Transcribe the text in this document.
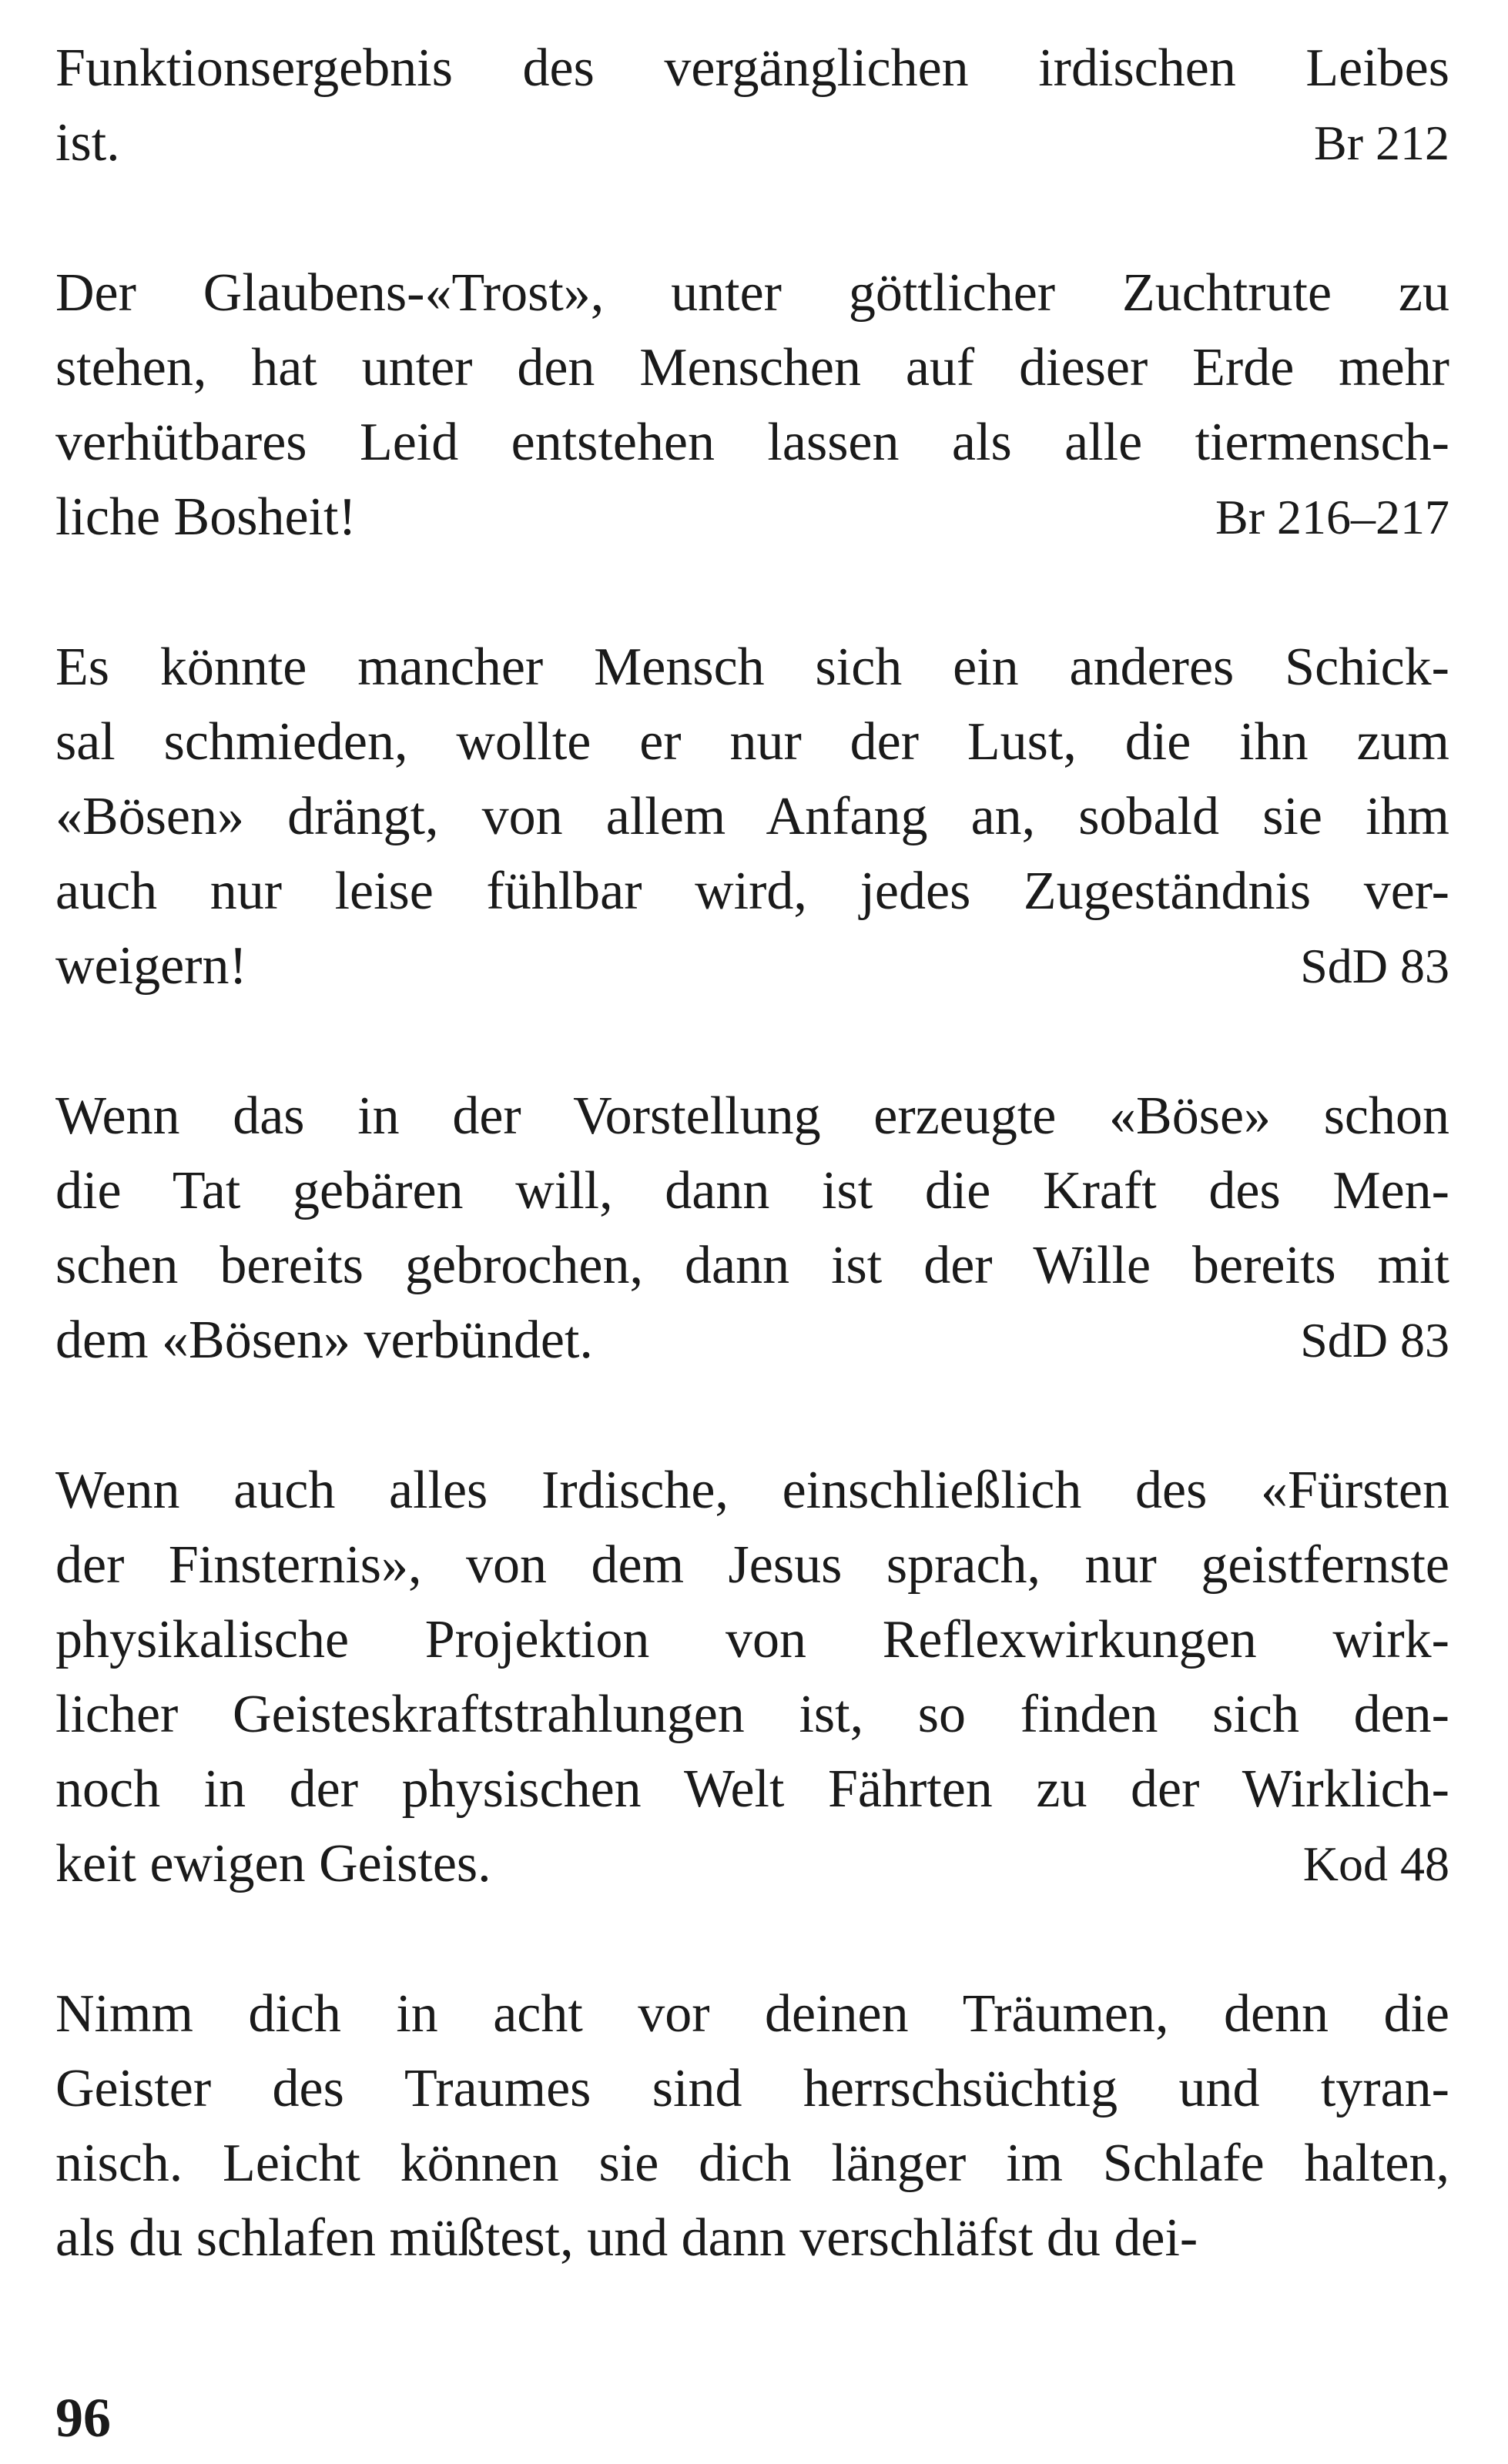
Funktionsergebnis des vergänglichen irdischen Leibes
ist.	Br 212
Der Glaubens-«Trost», unter göttlicher Zuchtrute zu
stehen, hat unter den Menschen auf dieser Erde mehr
verhütbares Leid entstehen lassen als alle tiermensch-
liche Bosheit!	Br 216–217
Es könnte mancher Mensch sich ein anderes Schick-
sal schmieden, wollte er nur der Lust, die ihn zum
«Bösen» drängt, von allem Anfang an, sobald sie ihm
auch nur leise fühlbar wird, jedes Zugeständnis ver-
weigern!	SdD 83
Wenn das in der Vorstellung erzeugte «Böse» schon
die Tat gebären will, dann ist die Kraft des Men-
schen bereits gebrochen, dann ist der Wille bereits mit
dem «Bösen» verbündet.	SdD 83
Wenn auch alles Irdische, einschließlich des «Fürsten
der Finsternis», von dem Jesus sprach, nur geistfernste
physikalische Projektion von Reflexwirkungen wirk-
licher Geisteskraftstrahlungen ist, so finden sich den-
noch in der physischen Welt Fährten zu der Wirklich-
keit ewigen Geistes.	Kod 48
Nimm dich in acht vor deinen Träumen, denn die
Geister des Traumes sind herrschsüchtig und tyran-
nisch. Leicht können sie dich länger im Schlafe halten,
als du schlafen müßtest, und dann verschläfst du dei-
96
